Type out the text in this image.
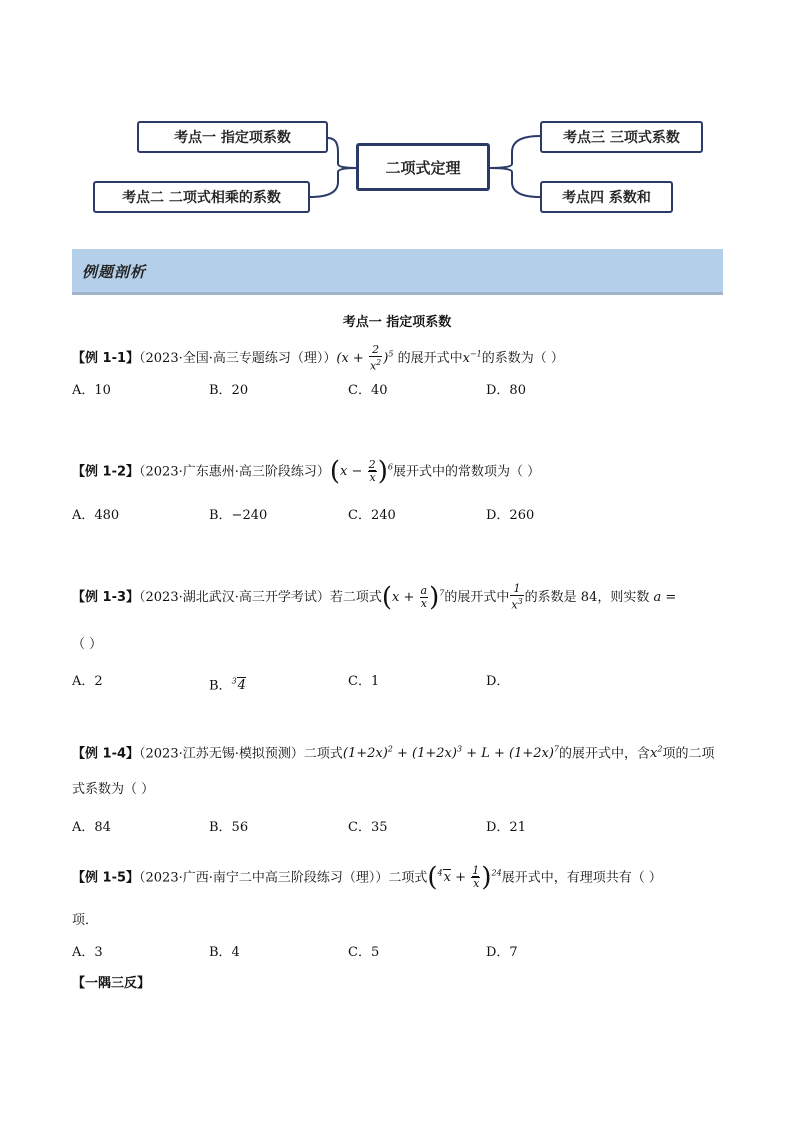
考点一 指定项系数
考点二 二项式相乘的系数
二项式定理
考点三 三项式系数
考点四 系数和
例题剖析
考点一 指定项系数
【例 1-1】（2023·全国·高三专题练习（理））$(x + \frac{2}{x^2} )^5$ 的展开式中$x^{-1}$的系数为（ ）
A．10	B．20	C．40	D．80
【例 1-2】（2023·广东惠州·高三阶段练习）$(x - \frac{2}{x} )^6$展开式中的常数项为（ ）
A．480	B．−240	C．240	D．260
【例 1-3】（2023·湖北武汉·高三开学考试）若二项式$(x + \frac{a}{x} )^7$的展开式中 $\frac{1}{x^3}$ 的系数是 84，则实数 a =
（ ）
A．2	B．$^3$4	C．1	D．
【例 1-4】（2023·江苏无锡·模拟预测）二项式$(1+2x)^2 + (1+2x)^3 + L + (1+2x)^7$的展开式中，含$x^2$项的二项
式系数为（ ）
A．84	B．56	C．35	D．21
【例 1-5】（2023·广西·南宁二中高三阶段练习（理））二项式$(^4x + \frac{1}{x} )^{24}$展开式中，有理项共有（ ）
项．
A．3	B．4	C．5	D．7
【一隅三反】
